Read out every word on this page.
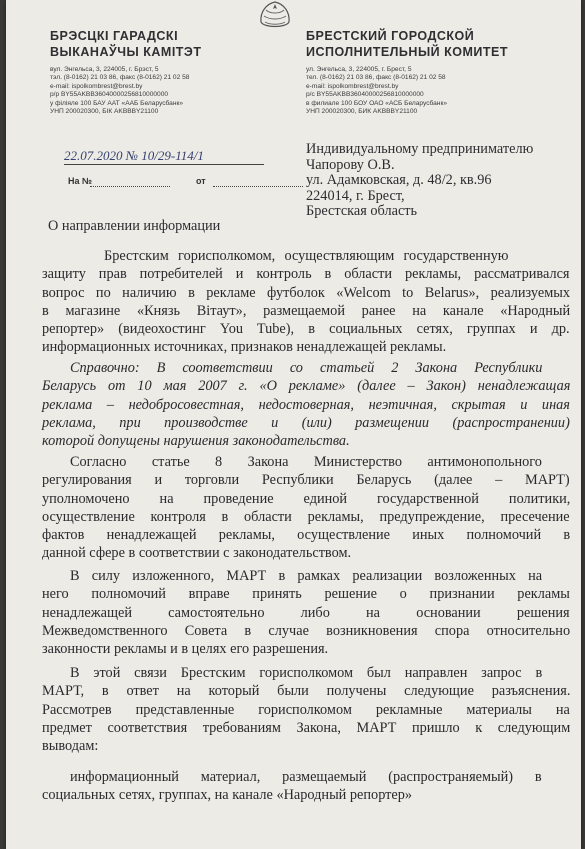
БРЭСЦКІ ГАРАДСКІ
ВЫКАНАЎЧЫ КАМІТЭТ
вул. Энгельса, 3, 224005, г. Брэст, 5
тэл. (8-0162) 21 03 86, факс (8-0162) 21 02 58
e-mail: ispolkombrest@brest.by
р/р BY55AKBB36040000256810000000
у філіяле 100 БАУ ААТ «ААБ Беларусбанк»
УНП 200020300, БІК AKBBBY21100
БРЕСТСКИЙ ГОРОДСКОЙ
ИСПОЛНИТЕЛЬНЫЙ КОМИТЕТ
ул. Энгельса, 3, 224005, г. Брест, 5
тел. (8-0162) 21 03 86, факс (8-0162) 21 02 58
e-mail: ispolkombrest@brest.by
р/с BY55AKBB36040000256810000000
в филиале 100 БОУ ОАО «АСБ Беларусбанк»
УНП 200020300, БИК AKBBBY21100
22.07.2020 № 10/29-114/1
На №	от
Индивидуальному предпринимателю
Чапорову О.В.
ул. Адамковская, д. 48/2, кв.96
224014, г. Брест,
Брестская область
О направлении информации
Брестским горисполкомом, осуществляющим государственную
защиту прав потребителей и контроль в области рекламы, рассматривался
вопрос по наличию в рекламе футболок «Welcom to Belarus», реализуемых
в магазине «Князь Вітаут», размещаемой ранее на канале «Народный
репортер» (видеохостинг You Tube), в социальных сетях, группах и др.
информационных источниках, признаков ненадлежащей рекламы.
Справочно: В соответствии со статьей 2 Закона Республики
Беларусь от 10 мая 2007 г. «О рекламе» (далее – Закон) ненадлежащая
реклама – недобросовестная, недостоверная, неэтичная, скрытая и иная
реклама, при производстве и (или) размещении (распространении)
которой допущены нарушения законодательства.
Согласно статье 8 Закона Министерство антимонопольного
регулирования и торговли Республики Беларусь (далее – МАРТ)
уполномочено на проведение единой государственной политики,
осуществление контроля в области рекламы, предупреждение, пресечение
фактов ненадлежащей рекламы, осуществление иных полномочий в
данной сфере в соответствии с законодательством.
В силу изложенного, МАРТ в рамках реализации возложенных на
него полномочий вправе принять решение о признании рекламы
ненадлежащей самостоятельно либо на основании решения
Межведомственного Совета в случае возникновения спора относительно
законности рекламы и в целях его разрешения.
В этой связи Брестским горисполкомом был направлен запрос в
МАРТ, в ответ на который были получены следующие разъяснения.
Рассмотрев представленные горисполкомом рекламные материалы на
предмет соответствия требованиям Закона, МАРТ пришло к следующим
выводам:
информационный материал, размещаемый (распространяемый) в
социальных сетях, группах, на канале «Народный репортер»
